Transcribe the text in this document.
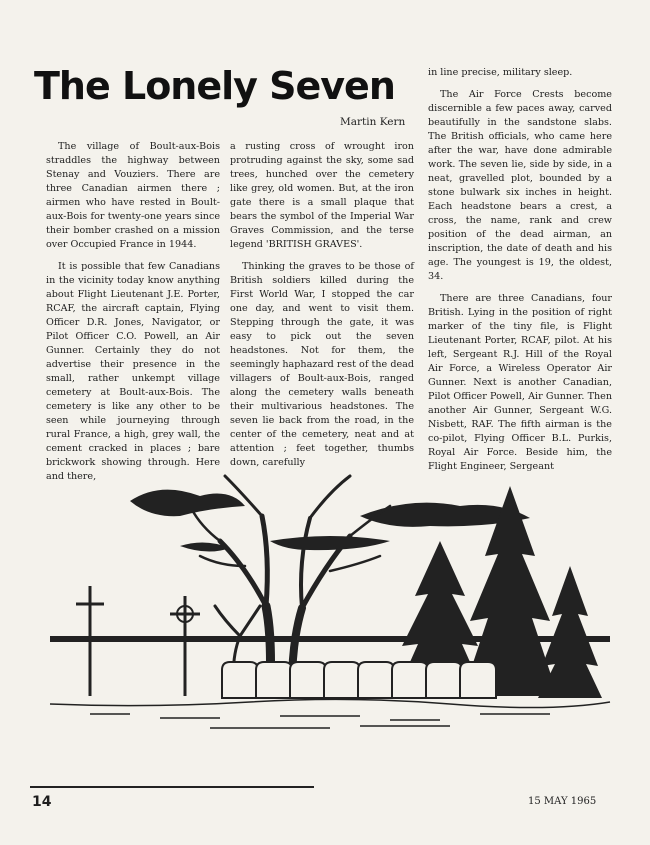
The Lonely Seven
Martin Kern

The village of Boult-aux-Bois straddles the highway between Stenay and Vouziers. There are three Canadian airmen there ; airmen who have rested in Boult-aux-Bois for twenty-one years since their bomber crashed on a mission over Occupied France in 1944.

It is possible that few Canadians in the vicinity today know anything about Flight Lieutenant J.E. Porter, RCAF, the aircraft captain, Flying Officer D.R. Jones, Navigator, or Pilot Officer C.O. Powell, an Air Gunner. Certainly they do not advertise their presence in the small, rather unkempt village cemetery at Boult-aux-Bois. The cemetery is like any other to be seen while journeying through rural France, a high, grey wall, the cement cracked in places ; bare brickwork showing through. Here and there,

a rusting cross of wrought iron protruding against the sky, some sad trees, hunched over the cemetery like grey, old women. But, at the iron gate there is a small plaque that bears the symbol of the Imperial War Graves Commission, and the terse legend 'BRITISH GRAVES'.

Thinking the graves to be those of British soldiers killed during the First World War, I stopped the car one day, and went to visit them. Stepping through the gate, it was easy to pick out the seven headstones. Not for them, the seemingly haphazard rest of the dead villagers of Boult-aux-Bois, ranged along the cemetery walls beneath their multivarious headstones. The seven lie back from the road, in the center of the cemetery, neat and at attention ; feet together, thumbs down, carefully

in line precise, military sleep.

The Air Force Crests become discernible a few paces away, carved beautifully in the sandstone slabs. The British officials, who came here after the war, have done admirable work. The seven lie, side by side, in a neat, gravelled plot, bounded by a stone bulwark six inches in height. Each headstone bears a crest, a cross, the name, rank and crew position of the dead airman, an inscription, the date of death and his age. The youngest is 19, the oldest, 34.

There are three Canadians, four British. Lying in the position of right marker of the tiny file, is Flight Lieutenant Porter, RCAF, pilot. At his left, Sergeant R.J. Hill of the Royal Air Force, a Wireless Operator Air Gunner. Next is another Canadian, Pilot Officer Powell, Air Gunner. Then another Air Gunner, Sergeant W.G. Nisbett, RAF. The fifth airman is the co-pilot, Flying Officer B.L. Purkis, Royal Air Force. Beside him, the Flight Engineer, Sergeant

14	15 MAY 1965
